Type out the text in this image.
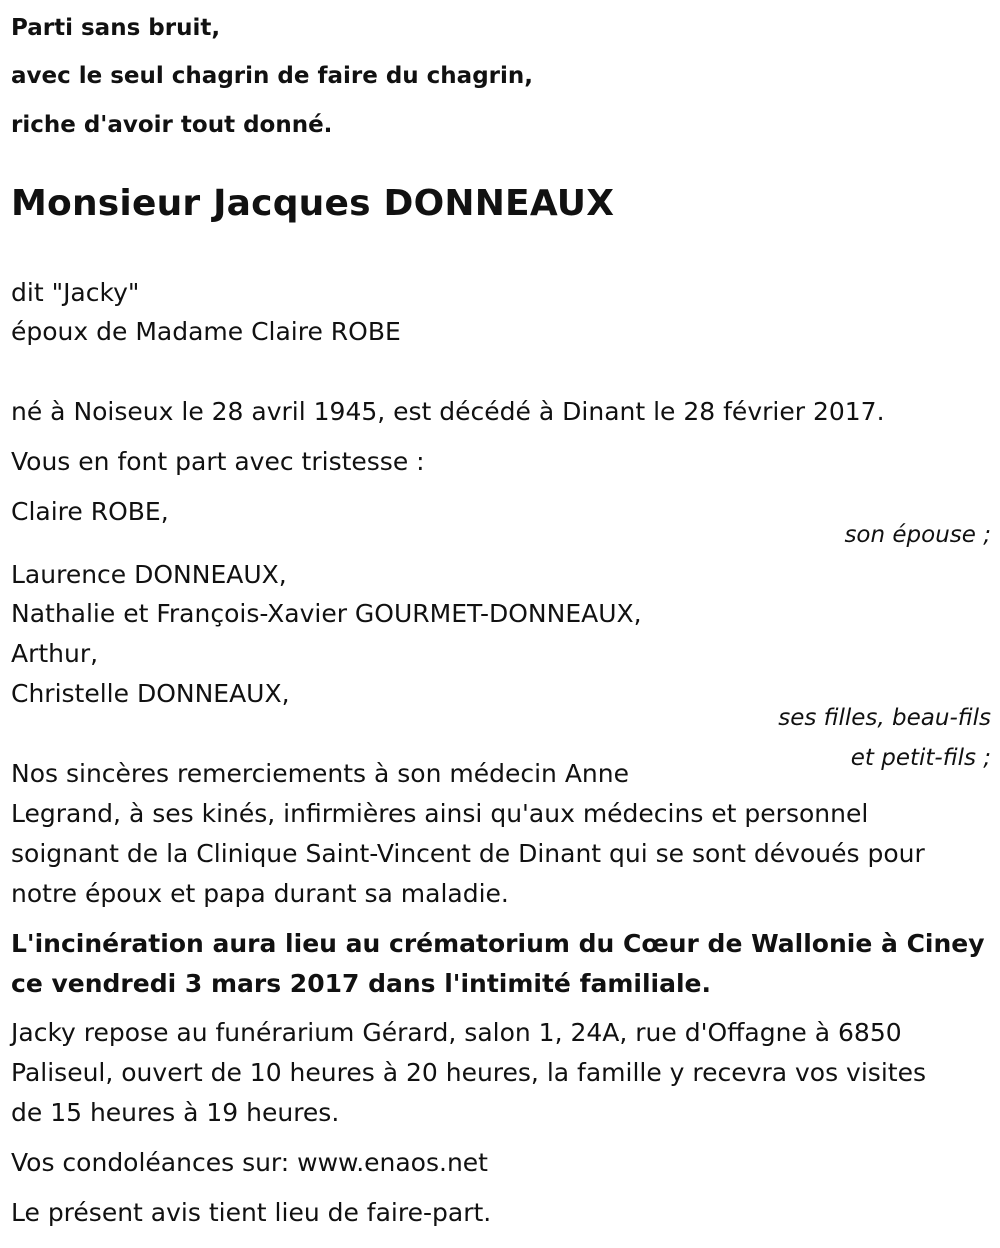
Parti sans bruit,
avec le seul chagrin de faire du chagrin,
riche d'avoir tout donné.
Monsieur Jacques DONNEAUX
dit "Jacky"
époux de Madame Claire ROBE
né à Noiseux le 28 avril 1945, est décédé à Dinant le 28 février 2017.
Vous en font part avec tristesse :
Claire ROBE,
son épouse ;
Laurence DONNEAUX,
Nathalie et François-Xavier GOURMET-DONNEAUX,
Arthur,
Christelle DONNEAUX,
ses filles, beau-fils
et petit-fils ;
Nos sincères remerciements à son médecin Anne
Legrand, à ses kinés, infirmières ainsi qu'aux médecins et personnel
soignant de la Clinique Saint-Vincent de Dinant qui se sont dévoués pour
notre époux et papa durant sa maladie.
L'incinération aura lieu au crématorium du Cœur de Wallonie à Ciney
ce vendredi 3 mars 2017 dans l'intimité familiale.
Jacky repose au funérarium Gérard, salon 1, 24A, rue d'Offagne à 6850
Paliseul, ouvert de 10 heures à 20 heures, la famille y recevra vos visites
de 15 heures à 19 heures.
Vos condoléances sur: www.enaos.net
Le présent avis tient lieu de faire-part.
